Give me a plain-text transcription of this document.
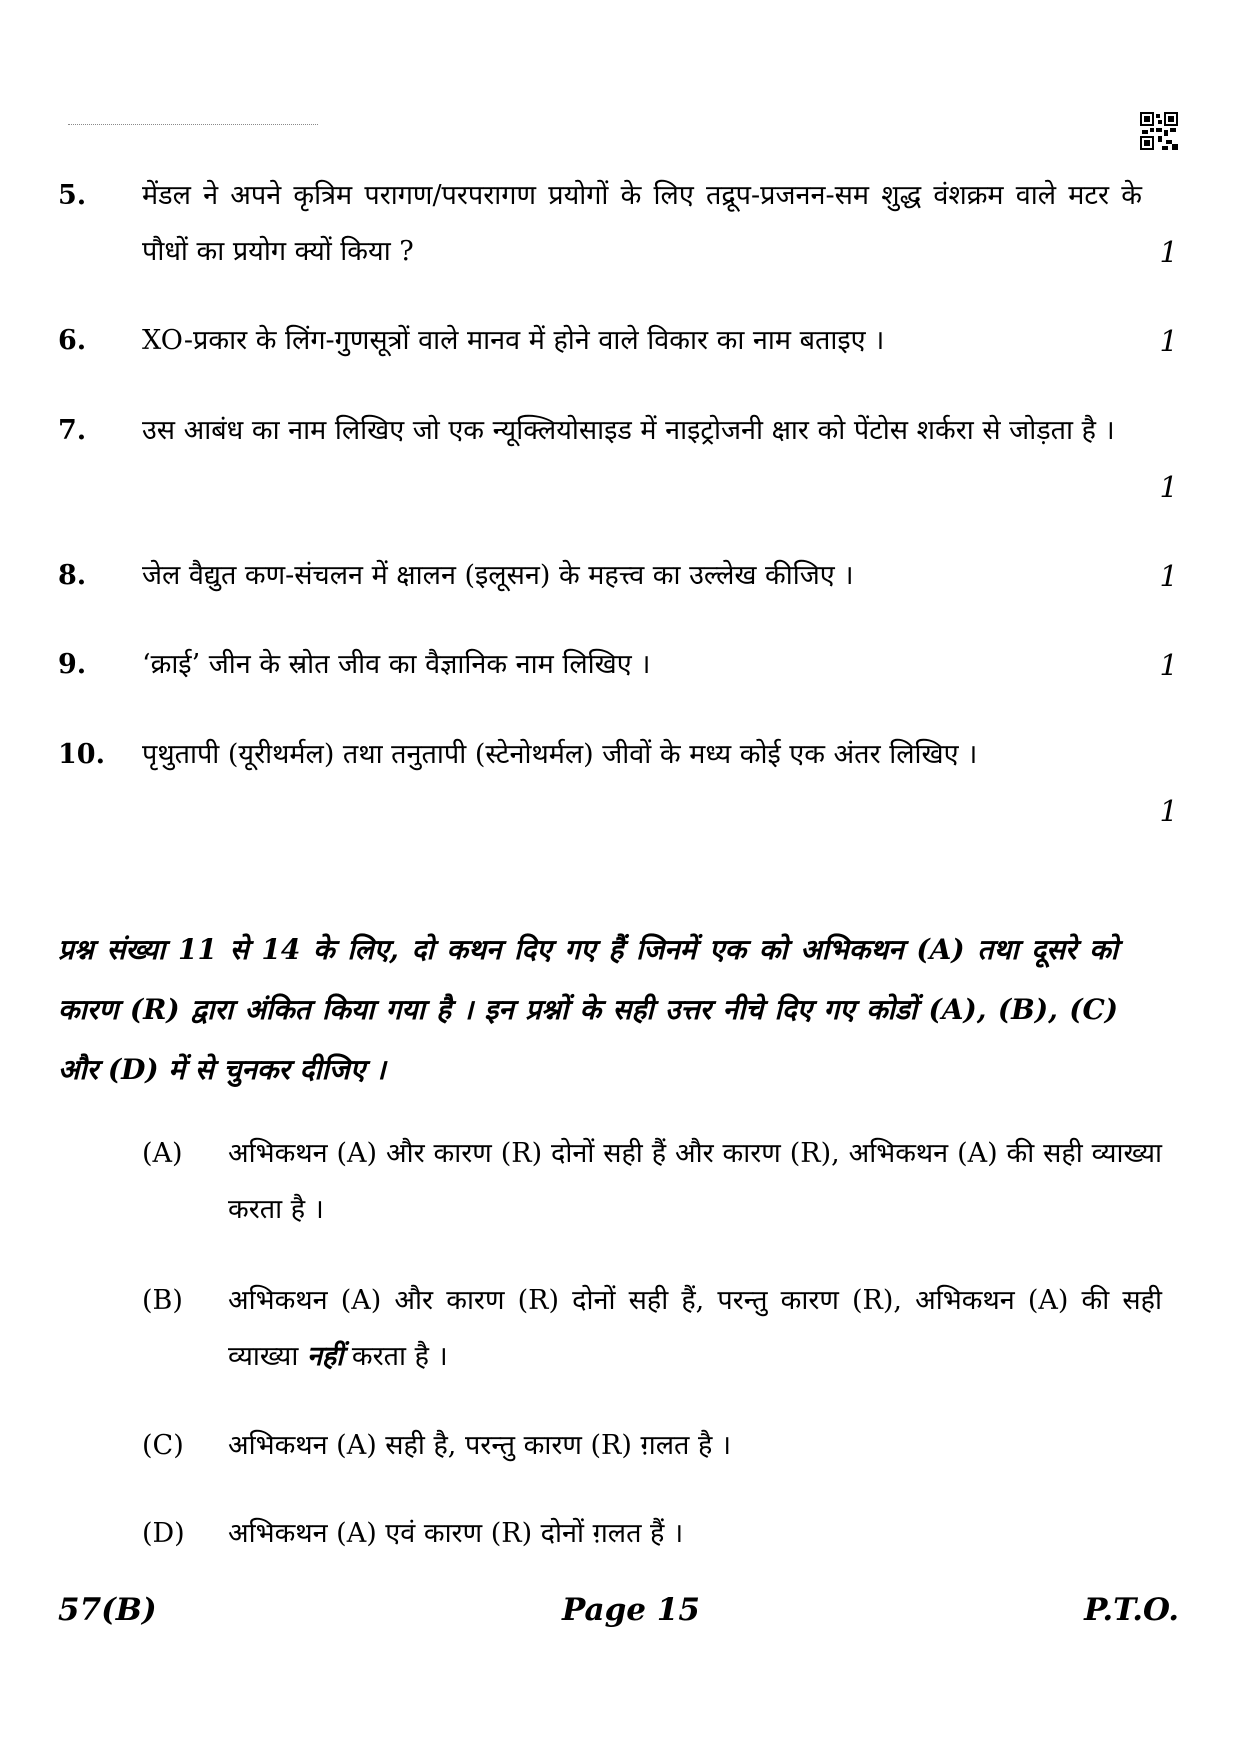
5. मेंडल ने अपने कृत्रिम परागण/परपरागण प्रयोगों के लिए तद्रूप-प्रजनन-सम शुद्ध वंशक्रम वाले मटर के पौधों का प्रयोग क्यों किया ?	1
6. XO-प्रकार के लिंग-गुणसूत्रों वाले मानव में होने वाले विकार का नाम बताइए ।	1
7. उस आबंध का नाम लिखिए जो एक न्यूक्लियोसाइड में नाइट्रोजनी क्षार को पेंटोस शर्करा से जोड़ता है ।
1
8. जेल वैद्युत कण-संचलन में क्षालन (इलूसन) के महत्त्व का उल्लेख कीजिए ।	1
9. ‘क्राई’ जीन के स्रोत जीव का वैज्ञानिक नाम लिखिए ।	1
10. पृथुतापी (यूरीथर्मल) तथा तनुतापी (स्टेनोथर्मल) जीवों के मध्य कोई एक अंतर लिखिए ।
1
प्रश्न संख्या 11 से 14 के लिए, दो कथन दिए गए हैं जिनमें एक को अभिकथन (A) तथा दूसरे को कारण (R) द्वारा अंकित किया गया है । इन प्रश्नों के सही उत्तर नीचे दिए गए कोडों (A), (B), (C) और (D) में से चुनकर दीजिए ।
(A) अभिकथन (A) और कारण (R) दोनों सही हैं और कारण (R), अभिकथन (A) की सही व्याख्या करता है ।
(B) अभिकथन (A) और कारण (R) दोनों सही हैं, परन्तु कारण (R), अभिकथन (A) की सही व्याख्या नहीं करता है ।
(C) अभिकथन (A) सही है, परन्तु कारण (R) ग़लत है ।
(D) अभिकथन (A) एवं कारण (R) दोनों ग़लत हैं ।
57(B)	Page 15	P.T.O.
